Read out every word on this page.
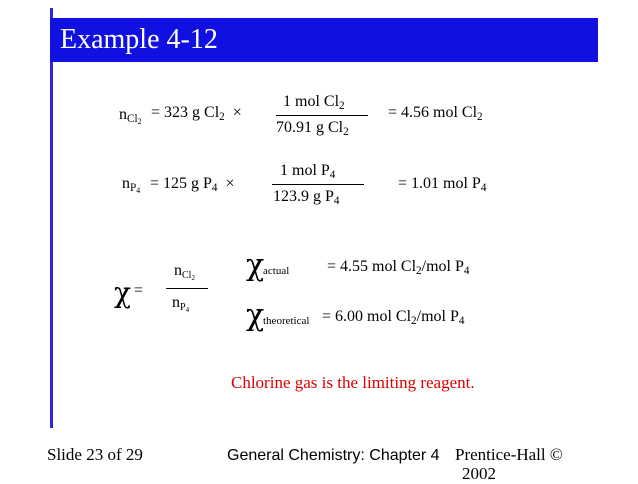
Example 4-12
$n_{Cl_2}$
= 323 g $Cl_2$ ×
1 mol $Cl_2$
70.91 g $Cl_2$
= 4.56 mol $Cl_2$
$n_{P_4} = 125$ g $P_4$ ×
1 mol $P_4$
123.9 g $P_4$
= 1.01 mol $P_4$
χ =
$n_{Cl_2}$
$n_{P_4}$
χ
actual = 4.55 mol $Cl_2$/mol $P_4$
χ
theoretical = 6.00 mol $Cl_2$/mol $P_4$
Chlorine gas is the limiting reagent.
Slide 23 of 29	General Chemistry: Chapter 4 Prentice-Hall ©
2002
